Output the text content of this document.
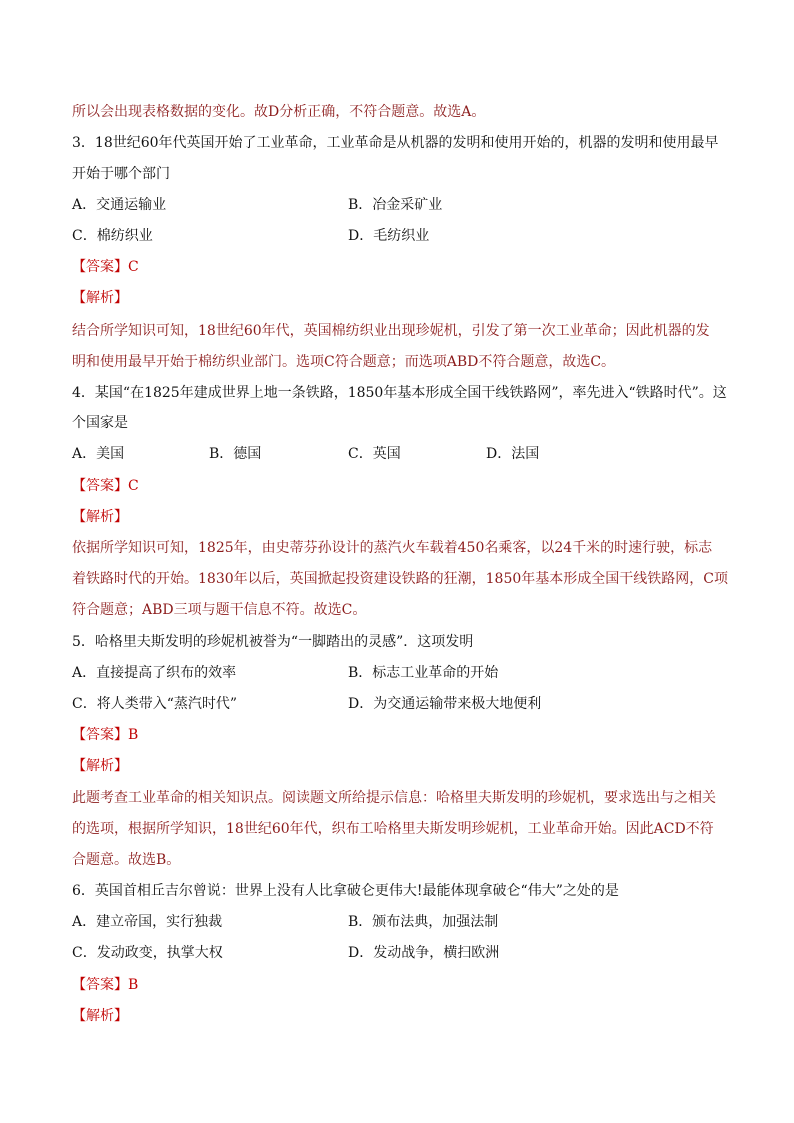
所以会出现表格数据的变化。故D分析正确，不符合题意。故选A。
3．18世纪60年代英国开始了工业革命，工业革命是从机器的发明和使用开始的，机器的发明和使用最早
开始于哪个部门
A．交通运输业	B．冶金采矿业
C．棉纺织业	D．毛纺织业
【答案】C
【解析】
结合所学知识可知，18世纪60年代，英国棉纺织业出现珍妮机，引发了第一次工业革命；因此机器的发
明和使用最早开始于棉纺织业部门。选项C符合题意；而选项ABD不符合题意，故选C。
4．某国“在1825年建成世界上地一条铁路，1850年基本形成全国干线铁路网”，率先进入“铁路时代”。这
个国家是
A．美国	B．德国	C．英国	D．法国
【答案】C
【解析】
依据所学知识可知，1825年，由史蒂芬孙设计的蒸汽火车载着450名乘客，以24千米的时速行驶，标志
着铁路时代的开始。1830年以后，英国掀起投资建设铁路的狂潮，1850年基本形成全国干线铁路网，C项
符合题意；ABD三项与题干信息不符。故选C。
5．哈格里夫斯发明的珍妮机被誉为“一脚踏出的灵感”．这项发明
A．直接提高了织布的效率	B．标志工业革命的开始
C．将人类带入“蒸汽时代”	D．为交通运输带来极大地便利
【答案】B
【解析】
此题考查工业革命的相关知识点。阅读题文所给提示信息：哈格里夫斯发明的珍妮机，要求选出与之相关
的选项，根据所学知识，18世纪60年代，织布工哈格里夫斯发明珍妮机，工业革命开始。因此ACD不符
合题意。故选B。
6．英国首相丘吉尔曾说：世界上没有人比拿破仑更伟大!最能体现拿破仑“伟大”之处的是
A．建立帝国，实行独裁	B．颁布法典，加强法制
C．发动政变，执掌大权	D．发动战争，横扫欧洲
【答案】B
【解析】
